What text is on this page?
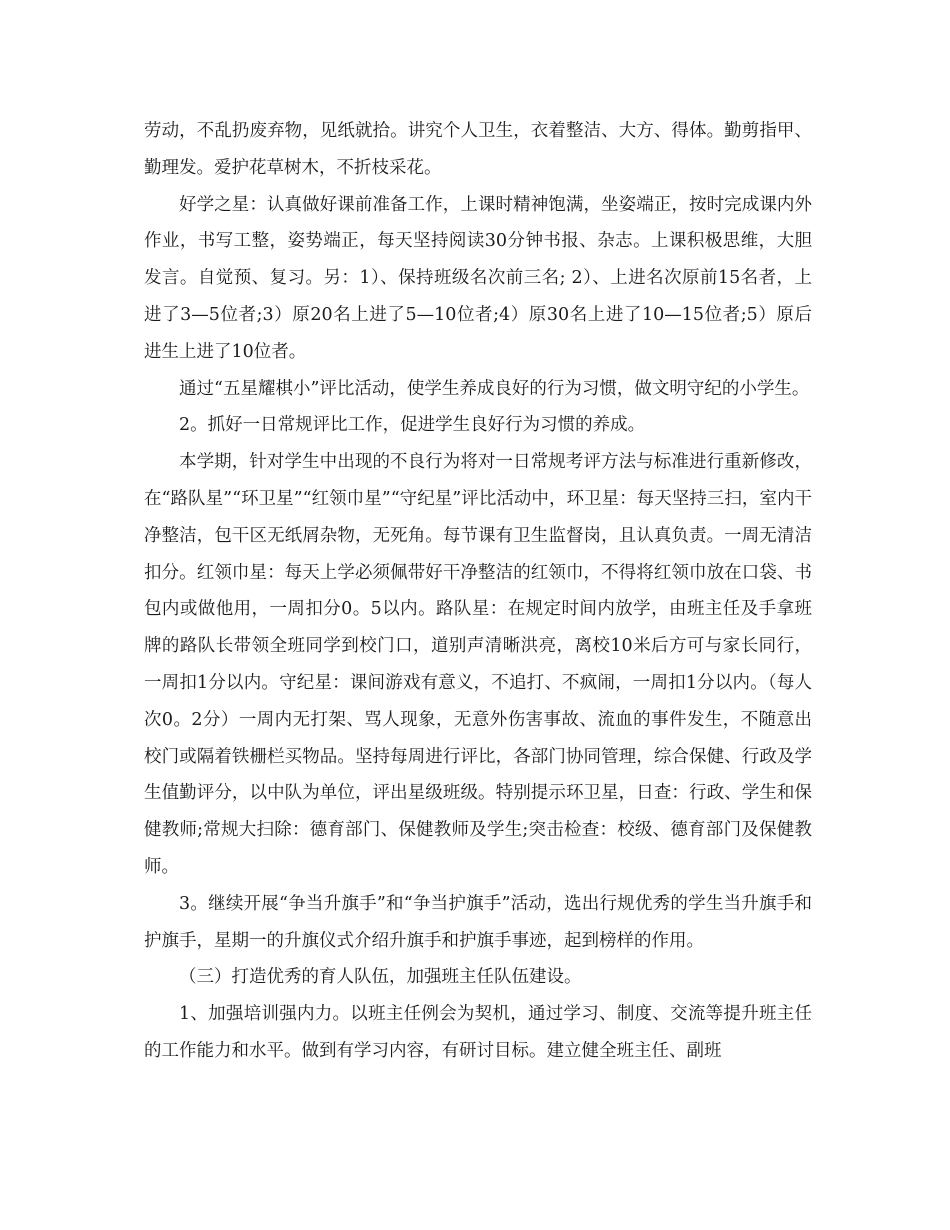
劳动，不乱扔废弃物，见纸就拾。讲究个人卫生，衣着整洁、大方、得体。勤剪指甲、勤理发。爱护花草树木，不折枝采花。

好学之星：认真做好课前准备工作，上课时精神饱满，坐姿端正，按时完成课内外作业，书写工整，姿势端正，每天坚持阅读30分钟书报、杂志。上课积极思维，大胆发言。自觉预、复习。另：1）、保持班级名次前三名; 2）、上进名次原前15名者，上进了3—5位者;3）原20名上进了5—10位者;4）原30名上进了10—15位者;5）原后进生上进了10位者。

通过“五星耀棋小”评比活动，使学生养成良好的行为习惯，做文明守纪的小学生。

2。抓好一日常规评比工作，促进学生良好行为习惯的养成。

本学期，针对学生中出现的不良行为将对一日常规考评方法与标准进行重新修改，在“路队星”“环卫星”“红领巾星”“守纪星”评比活动中，环卫星：每天坚持三扫，室内干净整洁，包干区无纸屑杂物，无死角。每节课有卫生监督岗，且认真负责。一周无清洁扣分。红领巾星：每天上学必须佩带好干净整洁的红领巾，不得将红领巾放在口袋、书包内或做他用，一周扣分0。5以内。路队星：在规定时间内放学，由班主任及手拿班牌的路队长带领全班同学到校门口，道别声清晰洪亮，离校10米后方可与家长同行，一周扣1分以内。守纪星：课间游戏有意义，不追打、不疯闹，一周扣1分以内。（每人次0。2分）一周内无打架、骂人现象，无意外伤害事故、流血的事件发生，不随意出校门或隔着铁栅栏买物品。坚持每周进行评比，各部门协同管理，综合保健、行政及学生值勤评分，以中队为单位，评出星级班级。特别提示环卫星，日查：行政、学生和保健教师;常规大扫除：德育部门、保健教师及学生;突击检查：校级、德育部门及保健教师。

3。继续开展“争当升旗手”和“争当护旗手”活动，选出行规优秀的学生当升旗手和护旗手，星期一的升旗仪式介绍升旗手和护旗手事迹，起到榜样的作用。

（三）打造优秀的育人队伍，加强班主任队伍建设。

1、加强培训强内力。以班主任例会为契机，通过学习、制度、交流等提升班主任的工作能力和水平。做到有学习内容，有研讨目标。建立健全班主任、副班
